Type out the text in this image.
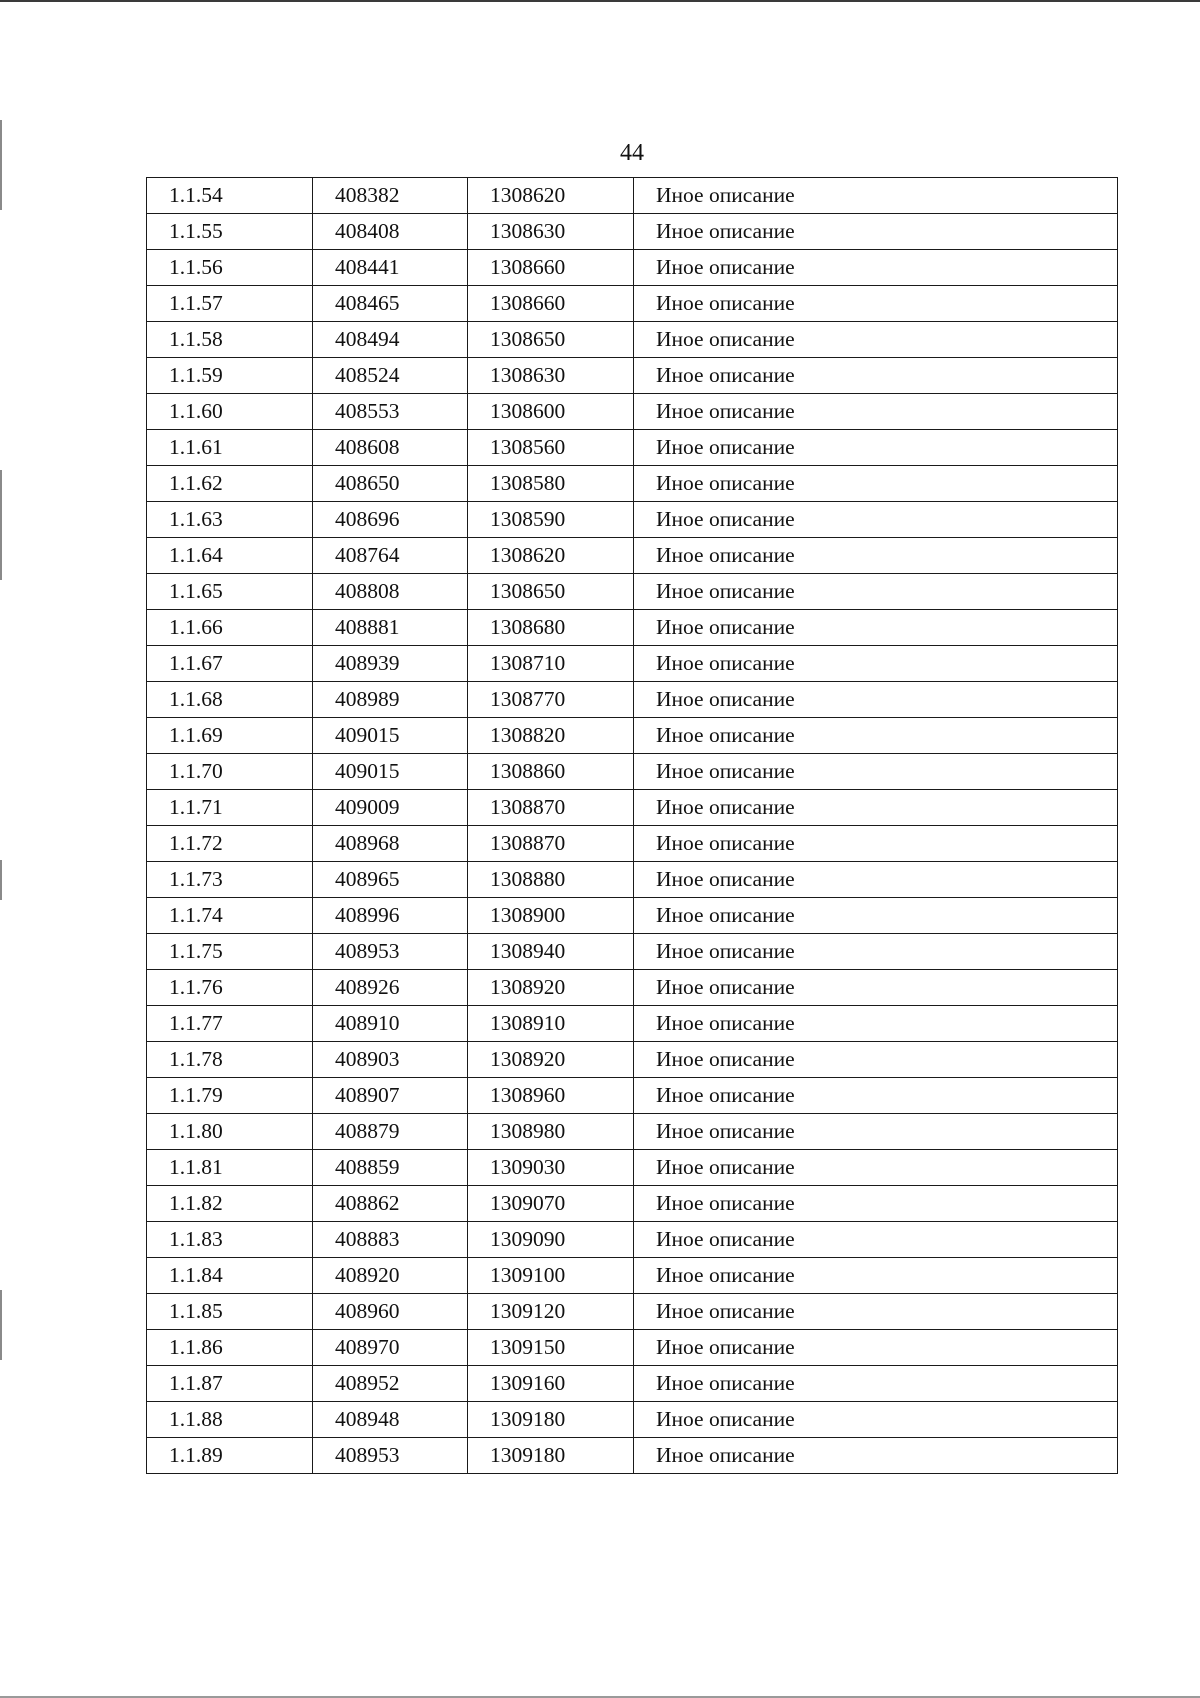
44
1.1.54	408382	1308620	Иное описание
1.1.55	408408	1308630	Иное описание
1.1.56	408441	1308660	Иное описание
1.1.57	408465	1308660	Иное описание
1.1.58	408494	1308650	Иное описание
1.1.59	408524	1308630	Иное описание
1.1.60	408553	1308600	Иное описание
1.1.61	408608	1308560	Иное описание
1.1.62	408650	1308580	Иное описание
1.1.63	408696	1308590	Иное описание
1.1.64	408764	1308620	Иное описание
1.1.65	408808	1308650	Иное описание
1.1.66	408881	1308680	Иное описание
1.1.67	408939	1308710	Иное описание
1.1.68	408989	1308770	Иное описание
1.1.69	409015	1308820	Иное описание
1.1.70	409015	1308860	Иное описание
1.1.71	409009	1308870	Иное описание
1.1.72	408968	1308870	Иное описание
1.1.73	408965	1308880	Иное описание
1.1.74	408996	1308900	Иное описание
1.1.75	408953	1308940	Иное описание
1.1.76	408926	1308920	Иное описание
1.1.77	408910	1308910	Иное описание
1.1.78	408903	1308920	Иное описание
1.1.79	408907	1308960	Иное описание
1.1.80	408879	1308980	Иное описание
1.1.81	408859	1309030	Иное описание
1.1.82	408862	1309070	Иное описание
1.1.83	408883	1309090	Иное описание
1.1.84	408920	1309100	Иное описание
1.1.85	408960	1309120	Иное описание
1.1.86	408970	1309150	Иное описание
1.1.87	408952	1309160	Иное описание
1.1.88	408948	1309180	Иное описание
1.1.89	408953	1309180	Иное описание
